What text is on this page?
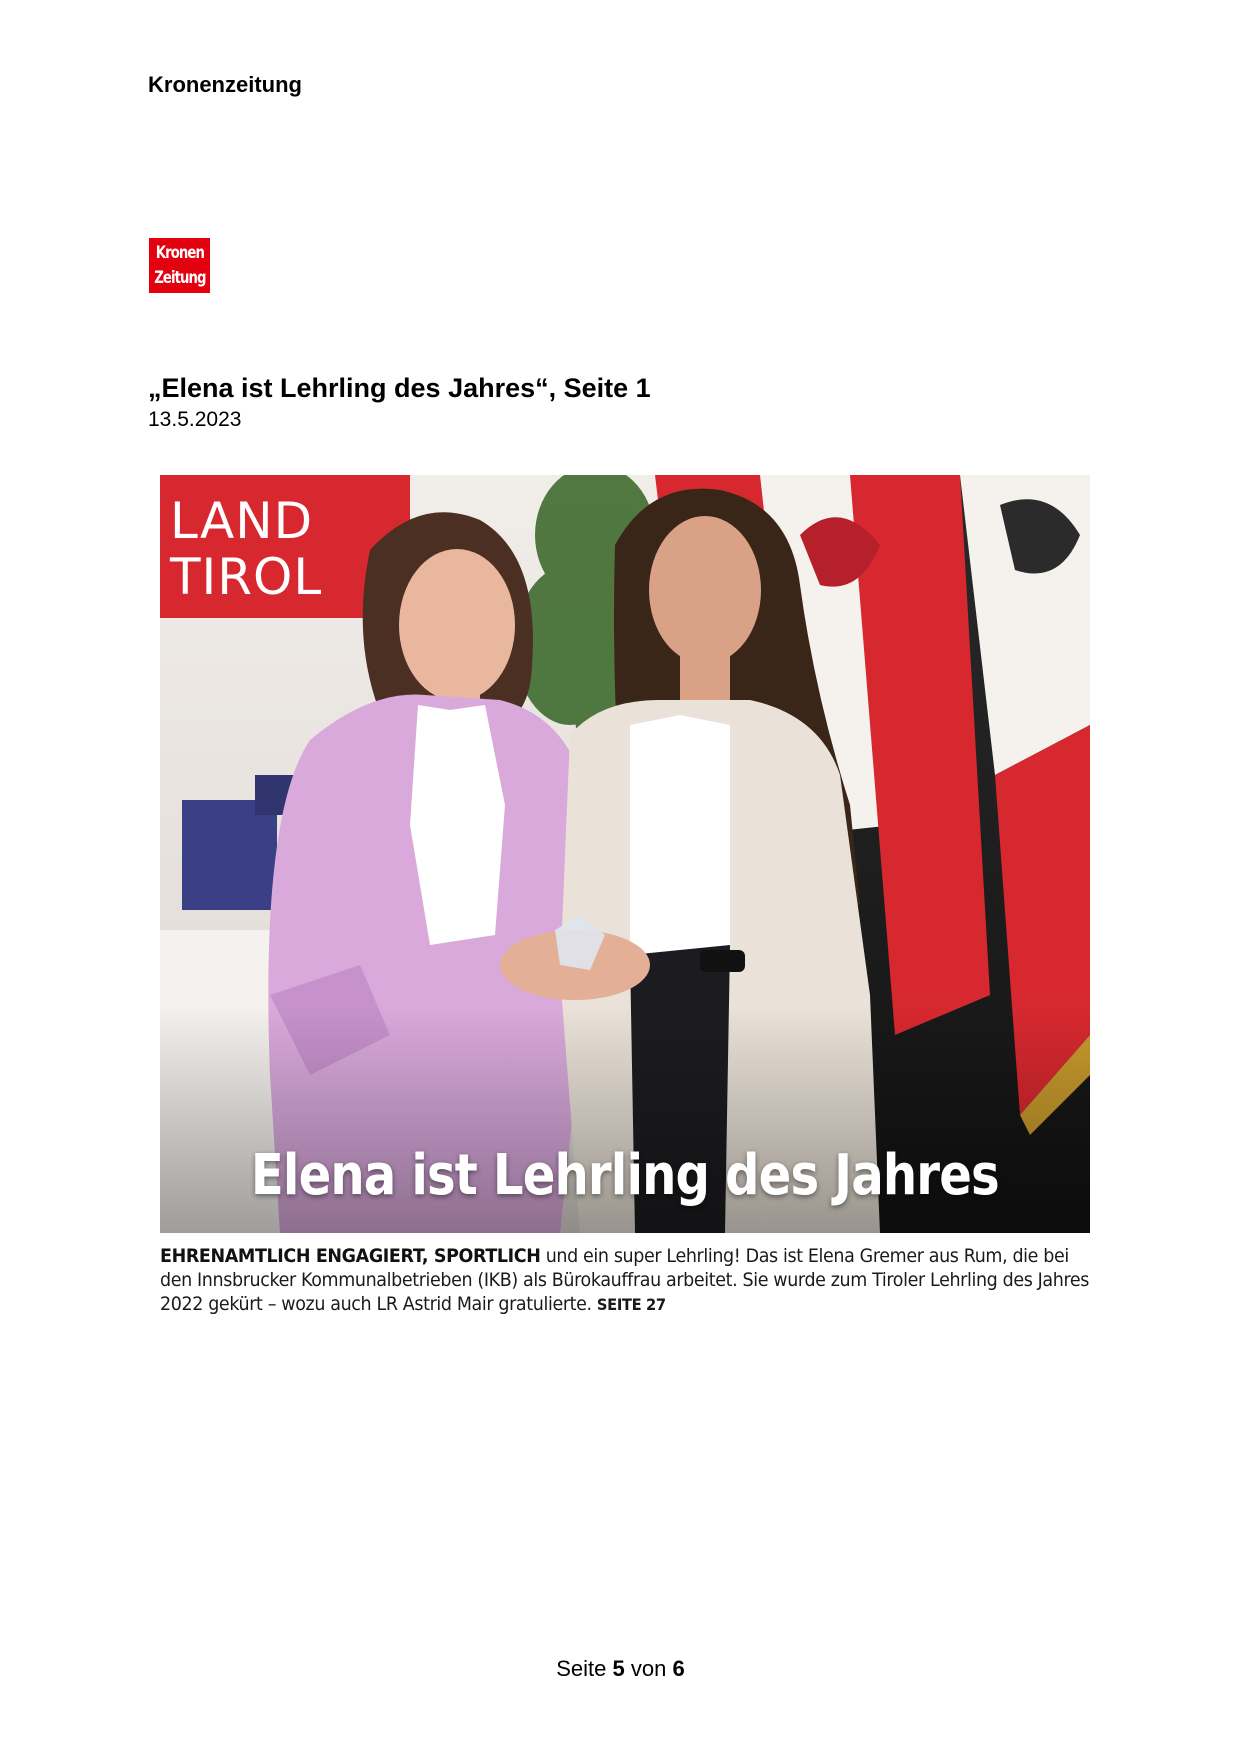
Kronenzeitung
Kronen
Zeitung
„Elena ist Lehrling des Jahres“, Seite 1
13.5.2023
LAND
TIROL
Elena ist Lehrling des Jahres
EHRENAMTLICH ENGAGIERT, SPORTLICH und ein super Lehrling! Das ist Elena Gremer aus Rum, die bei den Innsbrucker Kommunalbetrieben (IKB) als Bürokauffrau arbeitet. Sie wurde zum Tiroler Lehrling des Jahres 2022 gekürt – wozu auch LR Astrid Mair gratulierte. SEITE 27
Seite 5 von 6
